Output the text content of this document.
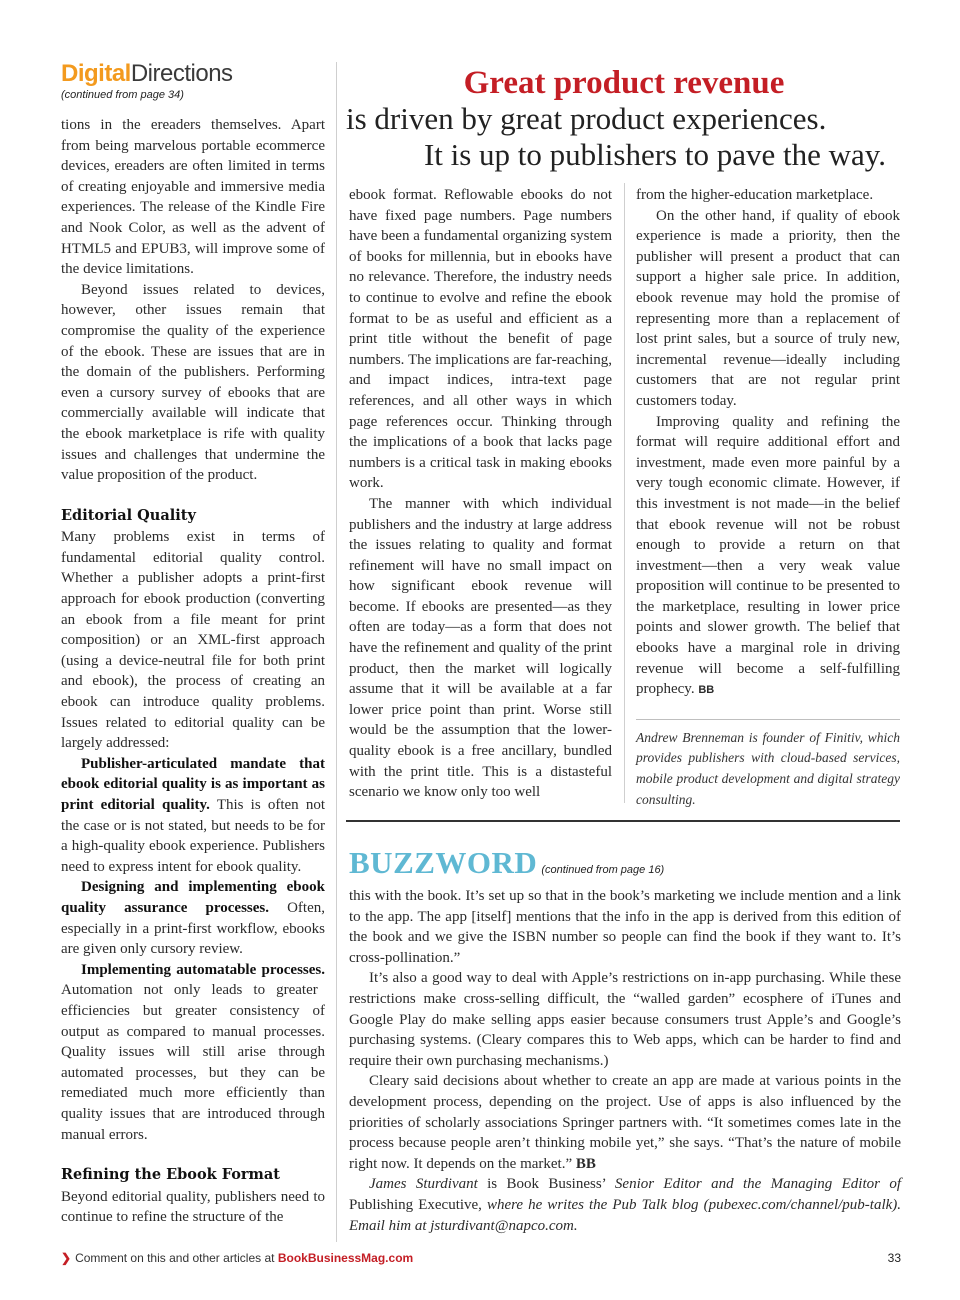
DigitalDirections
(continued from page 34)

tions in the ereaders themselves. Apart from being marvelous portable ecommerce devices, ereaders are often limited in terms of creating enjoyable and immersive media experiences. The release of the Kindle Fire and Nook Color, as well as the advent of HTML5 and EPUB3, will improve some of the device limitations.

Beyond issues related to devices, however, other issues remain that compromise the quality of the experience of the ebook. These are issues that are in the domain of the publishers. Performing even a cursory survey of ebooks that are commercially available will indicate that the ebook marketplace is rife with quality issues and challenges that undermine the value proposition of the product.

Editorial Quality

Many problems exist in terms of fundamental editorial quality control. Whether a publisher adopts a print-first approach for ebook production (converting an ebook from a file meant for print composition) or an XML-first approach (using a device-neutral file for both print and ebook), the process of creating an ebook can introduce quality problems. Issues related to editorial quality can be largely addressed:

Publisher-articulated mandate that ebook editorial quality is as important as print editorial quality. This is often not the case or is not stated, but needs to be for a high-quality ebook experience. Publishers need to express intent for ebook quality.

Designing and implementing ebook quality assurance processes. Often, especially in a print-first workflow, ebooks are given only cursory review.

Implementing automatable processes. Automation not only leads to greater efficiencies but greater consistency of output as compared to manual processes. Quality issues will still arise through automated processes, but they can be remediated much more efficiently than quality issues that are introduced through manual errors.

Refining the Ebook Format

Beyond editorial quality, publishers need to continue to refine the structure of the

Great product revenue
is driven by great product experiences.
It is up to publishers to pave the way.

ebook format. Reflowable ebooks do not have fixed page numbers. Page numbers have been a fundamental organizing system of books for millennia, but in ebooks have no relevance. Therefore, the industry needs to continue to evolve and refine the ebook format to be as useful and efficient as a print title without the benefit of page numbers. The implications are far-reaching, and impact indices, intra-text page references, and all other ways in which page references occur. Thinking through the implications of a book that lacks page numbers is a critical task in making ebooks work.

The manner with which individual publishers and the industry at large address the issues relating to quality and format refinement will have no small impact on how significant ebook revenue will become. If ebooks are presented—as they often are today—as a form that does not have the refinement and quality of the print product, then the market will logically assume that it will be available at a far lower price point than print. Worse still would be the assumption that the lower-quality ebook is a free ancillary, bundled with the print title. This is a distasteful scenario we know only too well

from the higher-education marketplace.

On the other hand, if quality of ebook experience is made a priority, then the publisher will present a product that can support a higher sale price. In addition, ebook revenue may hold the promise of representing more than a replacement of lost print sales, but a source of truly new, incremental revenue—ideally including customers that are not regular print customers today.

Improving quality and refining the format will require additional effort and investment, made even more painful by a very tough economic climate. However, if this investment is not made—in the belief that ebook revenue will not be robust enough to provide a return on that investment—then a very weak value proposition will continue to be presented to the marketplace, resulting in lower price points and slower growth. The belief that ebooks have a marginal role in driving revenue will become a self-fulfilling prophecy. BB

Andrew Brenneman is founder of Finitiv, which provides publishers with cloud-based services, mobile product development and digital strategy consulting.

BUZZWORD (continued from page 16)

this with the book. It’s set up so that in the book’s marketing we include mention and a link to the app. The app [itself] mentions that the info in the app is derived from this edition of the book and we give the ISBN number so people can find the book if they want to. It’s cross-pollination.”

It’s also a good way to deal with Apple’s restrictions on in-app purchasing. While these restrictions make cross-selling difficult, the “walled garden” ecosphere of iTunes and Google Play do make selling apps easier because consumers trust Apple’s and Google’s purchasing systems. (Cleary compares this to Web apps, which can be harder to find and require their own purchasing mechanisms.)

Cleary said decisions about whether to create an app are made at various points in the development process, depending on the project. Use of apps is also influenced by the priorities of scholarly associations Springer partners with. “It sometimes comes late in the process because people aren’t thinking mobile yet,” she says. “That’s the nature of mobile right now. It depends on the market.” BB

James Sturdivant is Book Business’ Senior Editor and the Managing Editor of Publishing Executive, where he writes the Pub Talk blog (pubexec.com/channel/pub-talk). Email him at jsturdivant@napco.com.

❯ Comment on this and other articles at BookBusinessMag.com	33
